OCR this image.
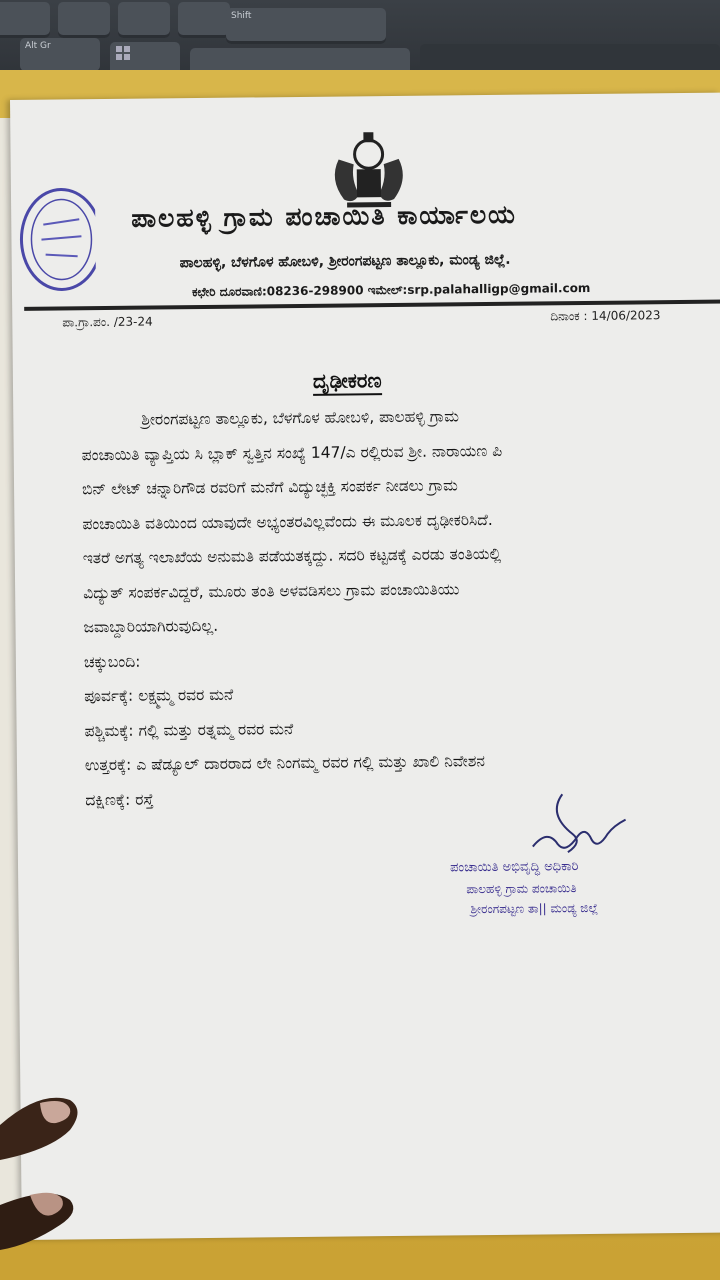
Shift
Alt Gr
ಪಾಲಹಳ್ಳಿ ಗ್ರಾಮ ಪಂಚಾಯಿತಿ ಕಾರ್ಯಾಲಯ
ಪಾಲಹಳ್ಳಿ, ಬೆಳಗೊಳ ಹೋಬಳಿ, ಶ್ರೀರಂಗಪಟ್ಟಣ ತಾಲ್ಲೂಕು, ಮಂಡ್ಯ ಜಿಲ್ಲೆ.
ಕಛೇರಿ ದೂರವಾಣಿ:08236-298900 ಇಮೇಲ್:srp.palahalligp@gmail.com
ಪಾ.ಗ್ರಾ.ಪಂ. /23-24	ದಿನಾಂಕ : 14/06/2023
ದೃಢೀಕರಣ
ಶ್ರೀರಂಗಪಟ್ಟಣ ತಾಲ್ಲೂಕು, ಬೆಳಗೊಳ ಹೋಬಳಿ, ಪಾಲಹಳ್ಳಿ ಗ್ರಾಮ
ಪಂಚಾಯಿತಿ ವ್ಯಾಪ್ತಿಯ ಸಿ ಬ್ಲಾಕ್ ಸ್ವತ್ತಿನ ಸಂಖ್ಯೆ 147/ಎ ರಲ್ಲಿರುವ ಶ್ರೀ. ನಾರಾಯಣ ಪಿ
ಬಿನ್ ಲೇಟ್ ಚನ್ನಾರಿಗೌಡ ರವರಿಗೆ ಮನೆಗೆ ವಿದ್ಯುಚ್ಛಕ್ತಿ ಸಂಪರ್ಕ ನೀಡಲು ಗ್ರಾಮ
ಪಂಚಾಯಿತಿ ವತಿಯಿಂದ ಯಾವುದೇ ಅಭ್ಯಂತರವಿಲ್ಲವೆಂದು ಈ ಮೂಲಕ ದೃಢೀಕರಿಸಿದೆ.
ಇತರೆ ಅಗತ್ಯ ಇಲಾಖೆಯ ಅನುಮತಿ ಪಡೆಯತಕ್ಕದ್ದು. ಸದರಿ ಕಟ್ಟಡಕ್ಕೆ ಎರಡು ತಂತಿಯಲ್ಲಿ
ವಿದ್ಯುತ್ ಸಂಪರ್ಕವಿದ್ದರೆ, ಮೂರು ತಂತಿ ಅಳವಡಿಸಲು ಗ್ರಾಮ ಪಂಚಾಯಿತಿಯು
ಜವಾಬ್ದಾರಿಯಾಗಿರುವುದಿಲ್ಲ.
ಚಕ್ಕುಬಂದಿ:
ಪೂರ್ವಕ್ಕೆ: ಲಕ್ಷ್ಮಮ್ಮ ರವರ ಮನೆ
ಪಶ್ಚಿಮಕ್ಕೆ: ಗಲ್ಲಿ ಮತ್ತು ರತ್ನಮ್ಮ ರವರ ಮನೆ
ಉತ್ತರಕ್ಕೆ: ಎ ಷೆಡ್ಯೂಲ್ ದಾರರಾದ ಲೇ ನಿಂಗಮ್ಮ ರವರ ಗಲ್ಲಿ ಮತ್ತು ಖಾಲಿ ನಿವೇಶನ
ದಕ್ಷಿಣಕ್ಕೆ: ರಸ್ತೆ
ಪಂಚಾಯಿತಿ ಅಭಿವೃದ್ಧಿ ಅಧಿಕಾರಿ
ಪಾಲಹಳ್ಳಿ ಗ್ರಾಮ ಪಂಚಾಯಿತಿ
ಶ್ರೀರಂಗಪಟ್ಟಣ ತಾ|| ಮಂಡ್ಯ ಜಿಲ್ಲೆ
